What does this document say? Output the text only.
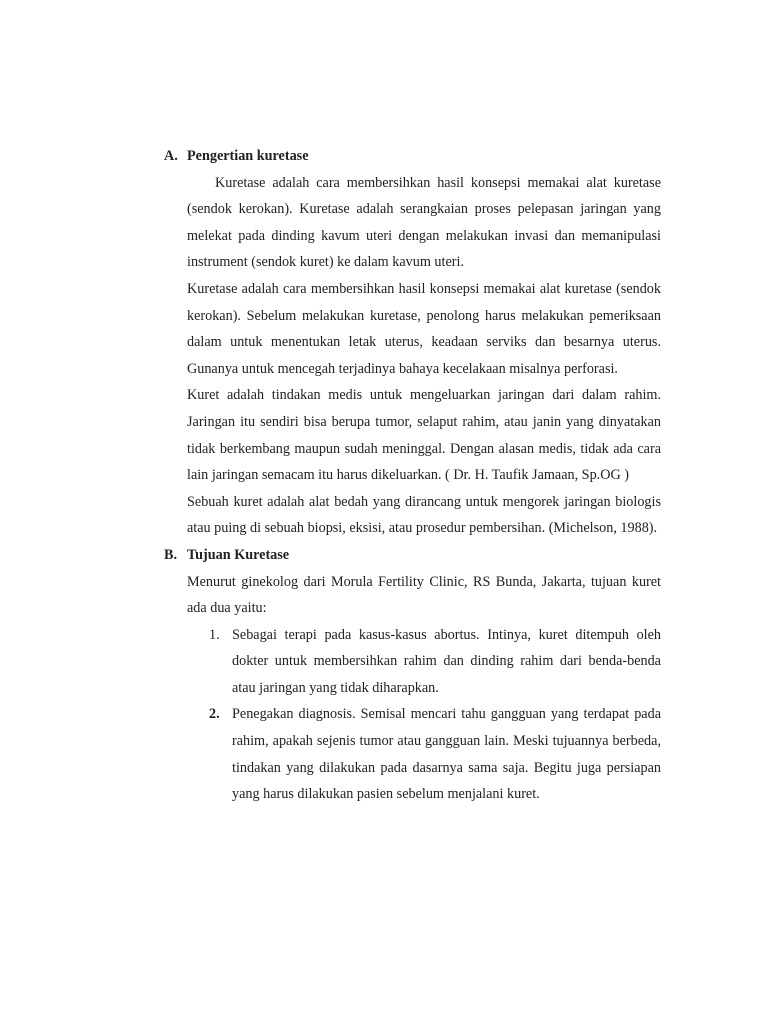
A. Pengertian kuretase

Kuretase adalah cara membersihkan hasil konsepsi memakai alat kuretase (sendok kerokan). Kuretase adalah serangkaian proses pelepasan jaringan yang melekat pada dinding kavum uteri dengan melakukan invasi dan memanipulasi instrument (sendok kuret) ke dalam kavum uteri.

Kuretase adalah cara membersihkan hasil konsepsi memakai alat kuretase (sendok kerokan). Sebelum melakukan kuretase, penolong harus melakukan pemeriksaan dalam untuk menentukan letak uterus, keadaan serviks dan besarnya uterus. Gunanya untuk mencegah terjadinya bahaya kecelakaan misalnya perforasi.

Kuret adalah tindakan medis untuk mengeluarkan jaringan dari dalam rahim. Jaringan itu sendiri bisa berupa tumor, selaput rahim, atau janin yang dinyatakan tidak berkembang maupun sudah meninggal. Dengan alasan medis, tidak ada cara lain jaringan semacam itu harus dikeluarkan. ( Dr. H. Taufik Jamaan, Sp.OG )

Sebuah kuret adalah alat bedah yang dirancang untuk mengorek jaringan biologis atau puing di sebuah biopsi, eksisi, atau prosedur pembersihan. (Michelson, 1988).

B. Tujuan Kuretase

Menurut ginekolog dari Morula Fertility Clinic, RS Bunda, Jakarta, tujuan kuret ada dua yaitu:

1. Sebagai terapi pada kasus-kasus abortus. Intinya, kuret ditempuh oleh dokter untuk membersihkan rahim dan dinding rahim dari benda-benda atau jaringan yang tidak diharapkan.
2. Penegakan diagnosis. Semisal mencari tahu gangguan yang terdapat pada rahim, apakah sejenis tumor atau gangguan lain. Meski tujuannya berbeda, tindakan yang dilakukan pada dasarnya sama saja. Begitu juga persiapan yang harus dilakukan pasien sebelum menjalani kuret.
